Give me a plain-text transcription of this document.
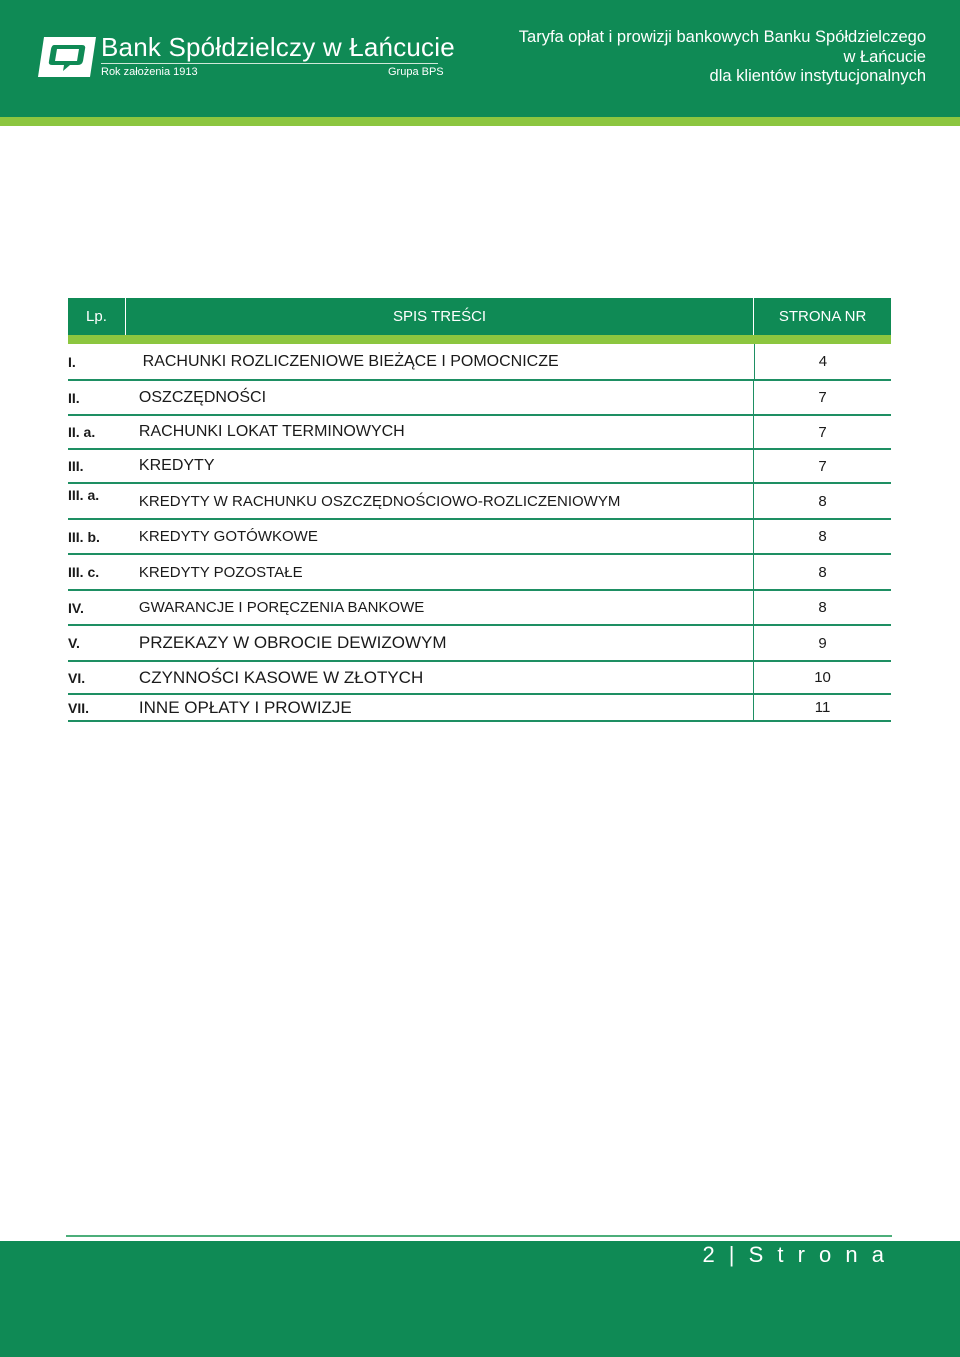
Bank Spółdzielczy w Łańcucie
Rok założenia 1913	Grupa BPS
Taryfa opłat i prowizji bankowych Banku Spółdzielczego
w Łańcucie
dla klientów instytucjonalnych
Lp.	SPIS TREŚCI	STRONA NR
I.	RACHUNKI ROZLICZENIOWE BIEŻĄCE I POMOCNICZE	4
II.	OSZCZĘDNOŚCI	7
II. a.	RACHUNKI LOKAT TERMINOWYCH	7
III.	KREDYTY	7
III. a.	KREDYTY W RACHUNKU OSZCZĘDNOŚCIOWO-ROZLICZENIOWYM	8
III. b.	KREDYTY GOTÓWKOWE	8
III. c.	KREDYTY POZOSTAŁE	8
IV.	GWARANCJE I PORĘCZENIA BANKOWE	8
V.	PRZEKAZY W OBROCIE DEWIZOWYM	9
VI.	CZYNNOŚCI KASOWE W ZŁOTYCH	10
VII.	INNE OPŁATY I PROWIZJE	11
2 | S t r o n a
